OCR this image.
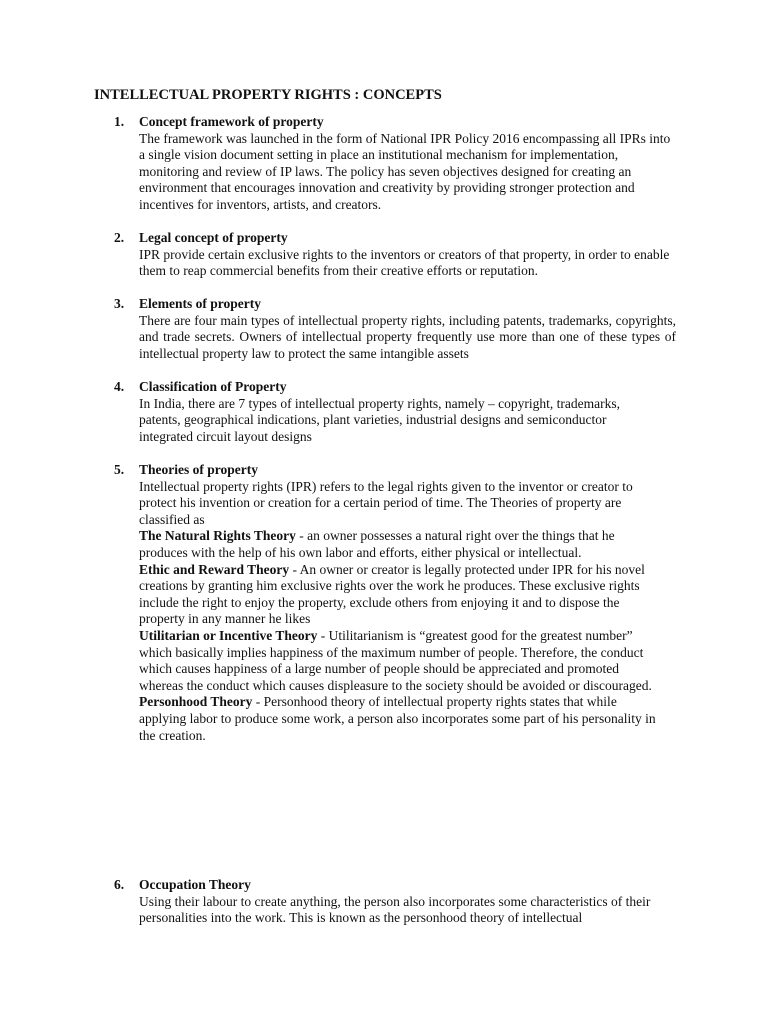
INTELLECTUAL PROPERTY RIGHTS : CONCEPTS
1. Concept framework of property

The framework was launched in the form of National IPR Policy 2016 encompassing all IPRs into a single vision document setting in place an institutional mechanism for implementation, monitoring and review of IP laws. The policy has seven objectives designed for creating an environment that encourages innovation and creativity by providing stronger protection and incentives for inventors, artists, and creators.

2. Legal concept of property

IPR provide certain exclusive rights to the inventors or creators of that property, in order to enable them to reap commercial benefits from their creative efforts or reputation.

3. Elements of property

There are four main types of intellectual property rights, including patents, trademarks, copyrights, and trade secrets. Owners of intellectual property frequently use more than one of these types of intellectual property law to protect the same intangible assets

4. Classification of Property

In India, there are 7 types of intellectual property rights, namely – copyright, trademarks, patents, geographical indications, plant varieties, industrial designs and semiconductor integrated circuit layout designs

5. Theories of property

Intellectual property rights (IPR) refers to the legal rights given to the inventor or creator to protect his invention or creation for a certain period of time. The Theories of property are classified as

The Natural Rights Theory - an owner possesses a natural right over the things that he produces with the help of his own labor and efforts, either physical or intellectual.

Ethic and Reward Theory - An owner or creator is legally protected under IPR for his novel creations by granting him exclusive rights over the work he produces. These exclusive rights include the right to enjoy the property, exclude others from enjoying it and to dispose the property in any manner he likes

Utilitarian or Incentive Theory - Utilitarianism is “greatest good for the greatest number” which basically implies happiness of the maximum number of people. Therefore, the conduct which causes happiness of a large number of people should be appreciated and promoted whereas the conduct which causes displeasure to the society should be avoided or discouraged.

Personhood Theory - Personhood theory of intellectual property rights states that while applying labor to produce some work, a person also incorporates some part of his personality in the creation.

6. Occupation Theory

Using their labour to create anything, the person also incorporates some characteristics of their personalities into the work. This is known as the personhood theory of intellectual
